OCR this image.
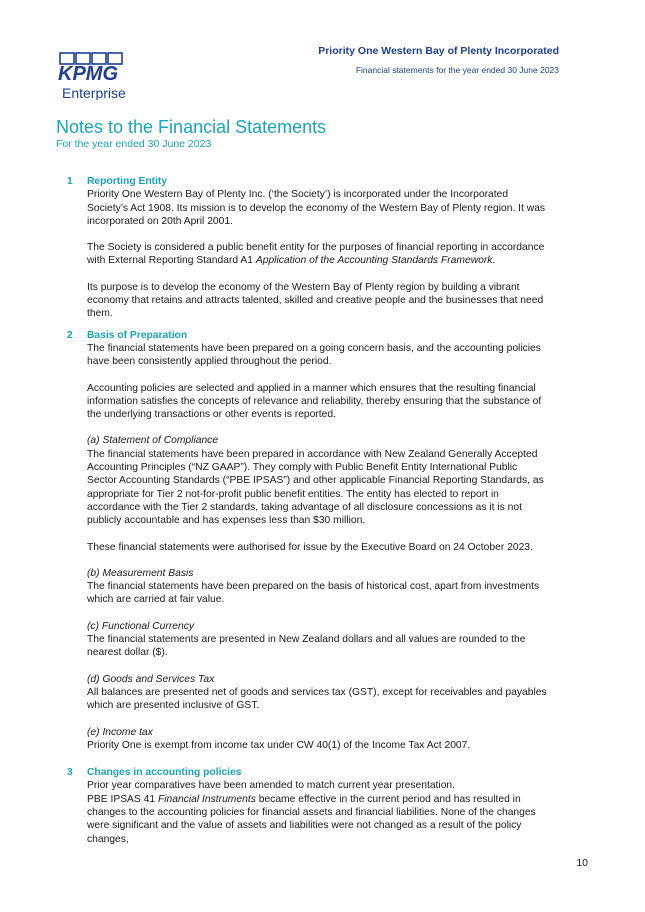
KPMG
Enterprise
Priority One Western Bay of Plenty Incorporated
Financial statements for the year ended 30 June 2023
Notes to the Financial Statements
For the year ended 30 June 2023
1 Reporting Entity

Priority One Western Bay of Plenty Inc. (‘the Society’) is incorporated under the Incorporated Society’s Act 1908. Its mission is to develop the economy of the Western Bay of Plenty region. It was incorporated on 20th April 2001.

The Society is considered a public benefit entity for the purposes of financial reporting in accordance with External Reporting Standard A1 Application of the Accounting Standards Framework.

Its purpose is to develop the economy of the Western Bay of Plenty region by building a vibrant economy that retains and attracts talented, skilled and creative people and the businesses that need them.

2 Basis of Preparation

The financial statements have been prepared on a going concern basis, and the accounting policies have been consistently applied throughout the period.

Accounting policies are selected and applied in a manner which ensures that the resulting financial information satisfies the concepts of relevance and reliability, thereby ensuring that the substance of the underlying transactions or other events is reported.

(a) Statement of Compliance

The financial statements have been prepared in accordance with New Zealand Generally Accepted Accounting Principles (“NZ GAAP”). They comply with Public Benefit Entity International Public Sector Accounting Standards (“PBE IPSAS”) and other applicable Financial Reporting Standards, as appropriate for Tier 2 not-for-profit public benefit entities. The entity has elected to report in accordance with the Tier 2 standards, taking advantage of all disclosure concessions as it is not publicly accountable and has expenses less than $30 million.

These financial statements were authorised for issue by the Executive Board on 24 October 2023.

(b) Measurement Basis

The financial statements have been prepared on the basis of historical cost, apart from investments which are carried at fair value.

(c) Functional Currency

The financial statements are presented in New Zealand dollars and all values are rounded to the nearest dollar ($).

(d) Goods and Services Tax

All balances are presented net of goods and services tax (GST), except for receivables and payables which are presented inclusive of GST.

(e) Income tax

Priority One is exempt from income tax under CW 40(1) of the Income Tax Act 2007.

3 Changes in accounting policies

Prior year comparatives have been amended to match current year presentation.

PBE IPSAS 41 Financial Instruments became effective in the current period and has resulted in changes to the accounting policies for financial assets and financial liabilities. None of the changes were significant and the value of assets and liabilities were not changed as a result of the policy changes,

10
